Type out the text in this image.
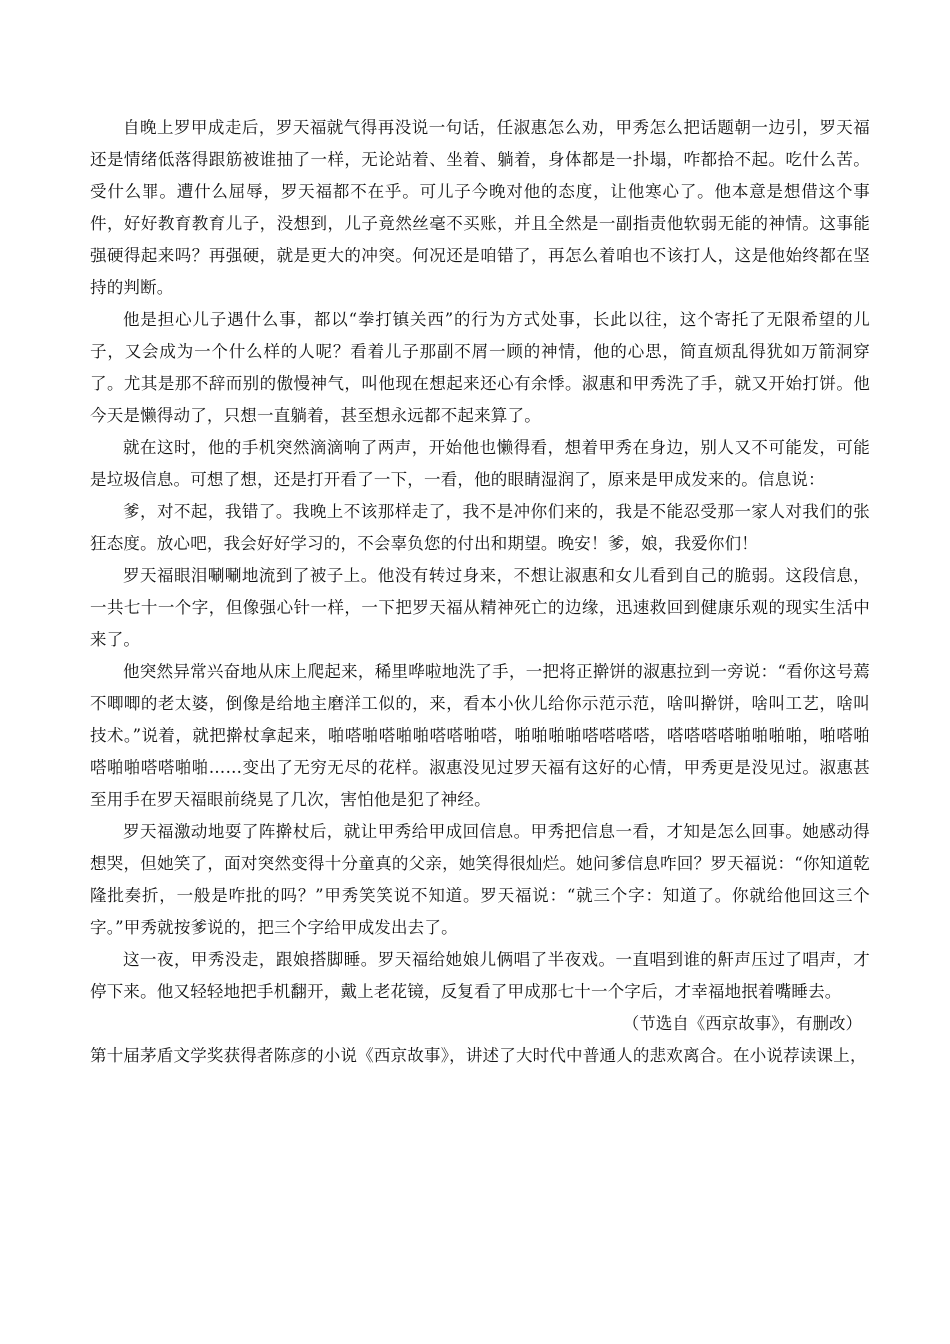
自晚上罗甲成走后，罗天福就气得再没说一句话，任淑惠怎么劝，甲秀怎么把话题朝一边引，罗天福还是情绪低落得跟筋被谁抽了一样，无论站着、坐着、躺着，身体都是一扑塌，咋都拾不起。吃什么苦。受什么罪。遭什么屈辱，罗天福都不在乎。可儿子今晚对他的态度，让他寒心了。他本意是想借这个事件，好好教育教育儿子，没想到，儿子竟然丝毫不买账，并且全然是一副指责他软弱无能的神情。这事能强硬得起来吗？再强硬，就是更大的冲突。何况还是咱错了，再怎么着咱也不该打人，这是他始终都在坚持的判断。

他是担心儿子遇什么事，都以“拳打镇关西”的行为方式处事，长此以往，这个寄托了无限希望的儿子，又会成为一个什么样的人呢？看着儿子那副不屑一顾的神情，他的心思，简直烦乱得犹如万箭洞穿了。尤其是那不辞而别的傲慢神气，叫他现在想起来还心有余悸。淑惠和甲秀洗了手，就又开始打饼。他今天是懒得动了，只想一直躺着，甚至想永远都不起来算了。

就在这时，他的手机突然滴滴响了两声，开始他也懒得看，想着甲秀在身边，别人又不可能发，可能是垃圾信息。可想了想，还是打开看了一下，一看，他的眼睛湿润了，原来是甲成发来的。信息说：

爹，对不起，我错了。我晚上不该那样走了，我不是冲你们来的，我是不能忍受那一家人对我们的张狂态度。放心吧，我会好好学习的，不会辜负您的付出和期望。晚安！爹，娘，我爱你们！

罗天福眼泪唰唰地流到了被子上。他没有转过身来，不想让淑惠和女儿看到自己的脆弱。这段信息，一共七十一个字，但像强心针一样，一下把罗天福从精神死亡的边缘，迅速救回到健康乐观的现实生活中来了。

他突然异常兴奋地从床上爬起来，稀里哗啦地洗了手，一把将正擀饼的淑惠拉到一旁说：“看你这号蔫不唧唧的老太婆，倒像是给地主磨洋工似的，来，看本小伙儿给你示范示范，啥叫擀饼，啥叫工艺，啥叫技术。”说着，就把擀杖拿起来，啪嗒啪嗒啪啪嗒嗒啪嗒，啪啪啪啪嗒嗒嗒嗒，嗒嗒嗒嗒啪啪啪啪，啪嗒啪嗒啪啪嗒嗒啪啪……变出了无穷无尽的花样。淑惠没见过罗天福有这好的心情，甲秀更是没见过。淑惠甚至用手在罗天福眼前绕晃了几次，害怕他是犯了神经。

罗天福激动地耍了阵擀杖后，就让甲秀给甲成回信息。甲秀把信息一看，才知是怎么回事。她感动得想哭，但她笑了，面对突然变得十分童真的父亲，她笑得很灿烂。她问爹信息咋回？罗天福说：“你知道乾隆批奏折，一般是咋批的吗？”甲秀笑笑说不知道。罗天福说：“就三个字：知道了。你就给他回这三个字。”甲秀就按爹说的，把三个字给甲成发出去了。

这一夜，甲秀没走，跟娘搭脚睡。罗天福给她娘儿俩唱了半夜戏。一直唱到谁的鼾声压过了唱声，才停下来。他又轻轻地把手机翻开，戴上老花镜，反复看了甲成那七十一个字后，才幸福地抿着嘴睡去。

（节选自《西京故事》，有删改）

第十届茅盾文学奖获得者陈彦的小说《西京故事》，讲述了大时代中普通人的悲欢离合。在小说荐读课上，
